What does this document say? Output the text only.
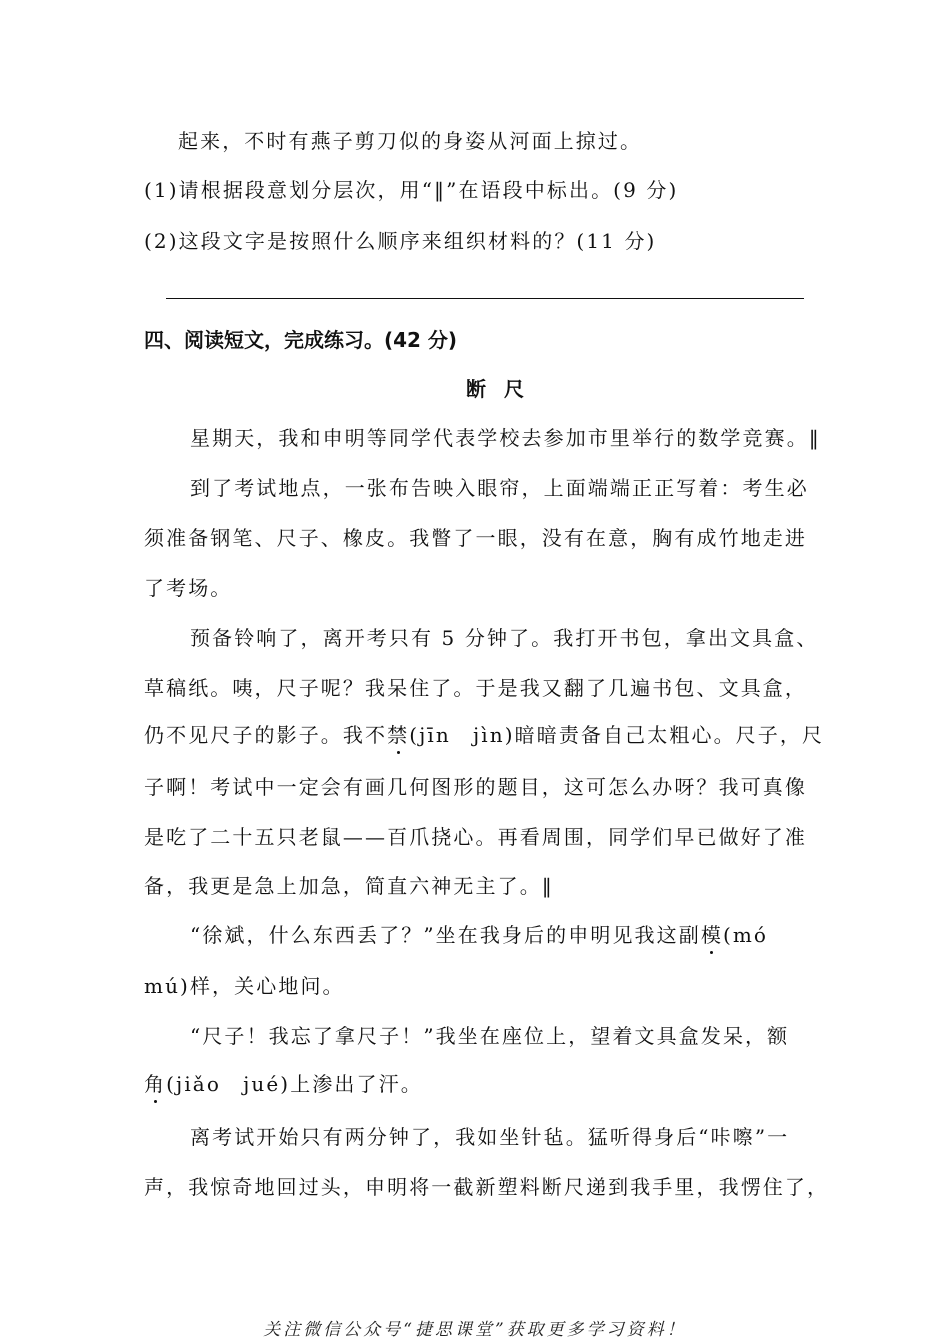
起来，不时有燕子剪刀似的身姿从河面上掠过。

(1)请根据段意划分层次，用“‖”在语段中标出。(9 分)

(2)这段文字是按照什么顺序来组织材料的？(11 分)

四、阅读短文，完成练习。(42 分)

断尺

星期天，我和申明等同学代表学校去参加市里举行的数学竞赛。‖

到了考试地点，一张布告映入眼帘，上面端端正正写着：考生必

须准备钢笔、尺子、橡皮。我瞥了一眼，没有在意，胸有成竹地走进

了考场。

预备铃响了，离开考只有 5 分钟了。我打开书包，拿出文具盒、

草稿纸。咦，尺子呢？我呆住了。于是我又翻了几遍书包、文具盒，

仍不见尺子的影子。我不禁(jīn　jìn)暗暗责备自己太粗心。尺子，尺

子啊！考试中一定会有画几何图形的题目，这可怎么办呀？我可真像

是吃了二十五只老鼠——百爪挠心。再看周围，同学们早已做好了准

备，我更是急上加急，简直六神无主了。‖

“徐斌，什么东西丢了？”坐在我身后的申明见我这副模(mó

mú)样，关心地问。

“尺子！我忘了拿尺子！”我坐在座位上，望着文具盒发呆，额

角(jiǎo　jué)上渗出了汗。

离考试开始只有两分钟了，我如坐针毡。猛听得身后“咔嚓”一

声，我惊奇地回过头，申明将一截新塑料断尺递到我手里，我愣住了，

关注微信公众号“捷思课堂”获取更多学习资料！
